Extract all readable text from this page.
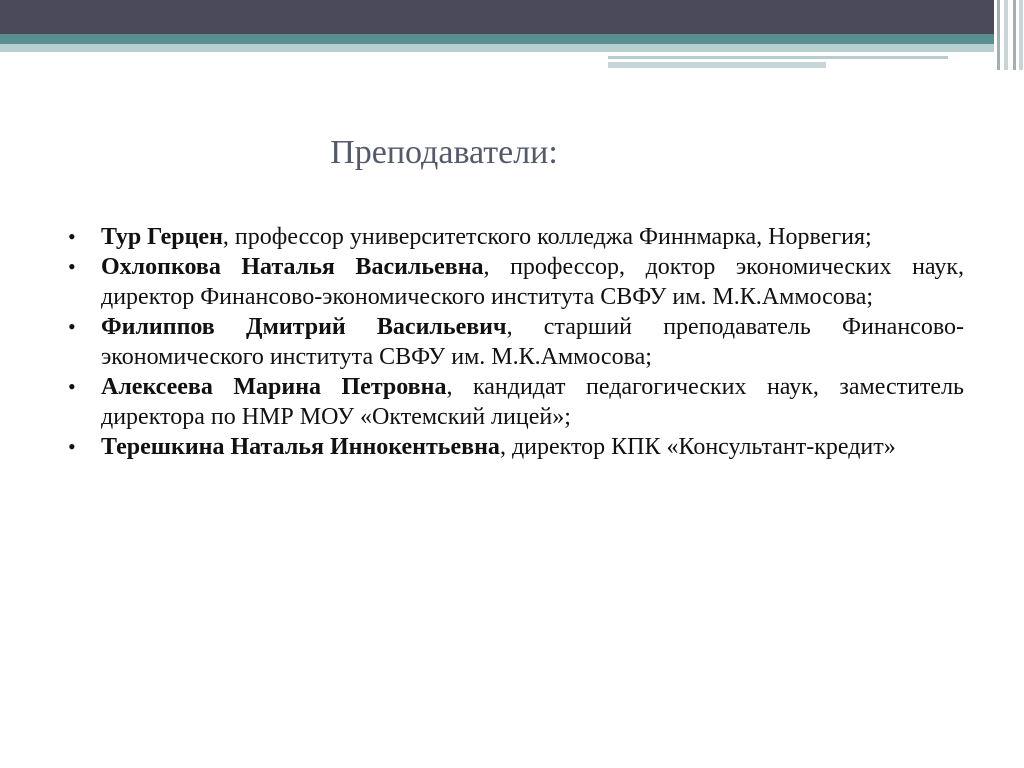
Преподаватели:
• Тур Герцен, профессор университетского колледжа Финнмарка, Норвегия;
• Охлопкова Наталья Васильевна, профессор, доктор экономических наук, директор Финансово-экономического института СВФУ им. М.К.Аммосова;
• Филиппов Дмитрий Васильевич, старший преподаватель Финансово-экономического института СВФУ им. М.К.Аммосова;
• Алексеева Марина Петровна, кандидат педагогических наук, заместитель директора по НМР МОУ «Октемский лицей»;
• Терешкина Наталья Иннокентьевна, директор КПК «Консультант-кредит»
